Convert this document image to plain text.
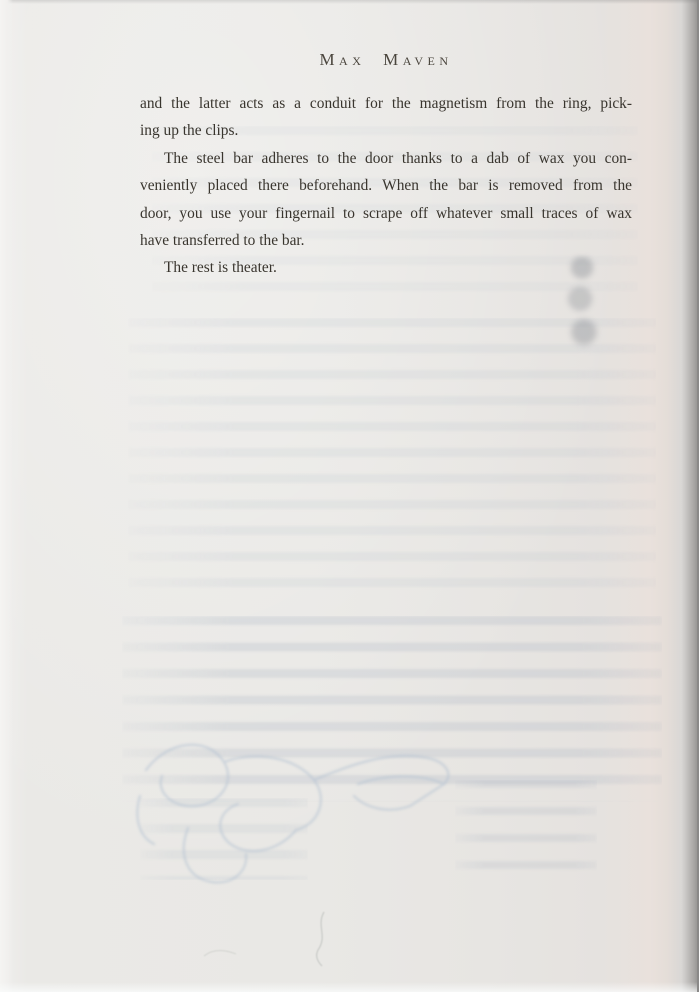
Max Maven
and the latter acts as a conduit for the magnetism from the ring, pick-
ing up the clips.
The steel bar adheres to the door thanks to a dab of wax you con-
veniently placed there beforehand. When the bar is removed from the
door, you use your fingernail to scrape off whatever small traces of wax
have transferred to the bar.
The rest is theater.
